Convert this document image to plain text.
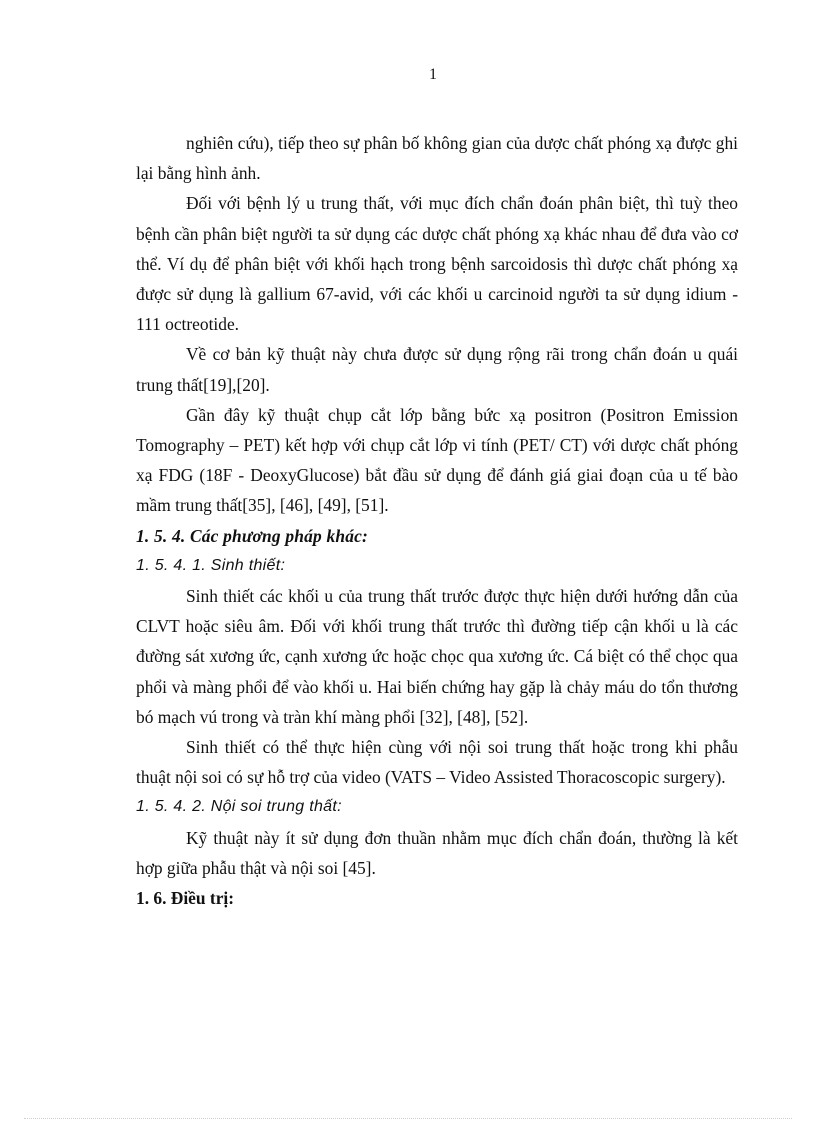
1

nghiên cứu), tiếp theo sự phân bố không gian của dược chất phóng xạ được ghi lại bằng hình ảnh.

Đối với bệnh lý u trung thất, với mục đích chẩn đoán phân biệt, thì tuỳ theo bệnh cần phân biệt người ta sử dụng các dược chất phóng xạ khác nhau để đưa vào cơ thể. Ví dụ để phân biệt với khối hạch trong bệnh sarcoidosis thì dược chất phóng xạ được sử dụng là gallium 67-avid, với các khối u carcinoid người ta sử dụng idium - 111 octreotide.

Về cơ bản kỹ thuật này chưa được sử dụng rộng rãi trong chẩn đoán u quái trung thất[19],[20].

Gần đây kỹ thuật chụp cắt lớp bằng bức xạ positron (Positron Emission Tomography – PET) kết hợp với chụp cắt lớp vi tính (PET/ CT) với dược chất phóng xạ FDG (18F - DeoxyGlucose) bắt đầu sử dụng để đánh giá giai đoạn của u tế bào mầm trung thất[35], [46], [49], [51].

1. 5. 4. Các phương pháp khác:

1. 5. 4. 1. Sinh thiết:

Sinh thiết các khối u của trung thất trước được thực hiện dưới hướng dẫn của CLVT hoặc siêu âm. Đối với khối trung thất trước thì đường tiếp cận khối u là các đường sát xương ức, cạnh xương ức hoặc chọc qua xương ức. Cá biệt có thể chọc qua phổi và màng phổi để vào khối u. Hai biến chứng hay gặp là chảy máu do tổn thương bó mạch vú trong và tràn khí màng phổi [32], [48], [52].

Sinh thiết có thể thực hiện cùng với nội soi trung thất hoặc trong khi phẫu thuật nội soi có sự hỗ trợ của video (VATS – Video Assisted Thoracoscopic surgery).

1. 5. 4. 2. Nội soi trung thất:

Kỹ thuật này ít sử dụng đơn thuần nhằm mục đích chẩn đoán, thường là kết hợp giữa phẫu thật và nội soi [45].

1. 6. Điều trị:
